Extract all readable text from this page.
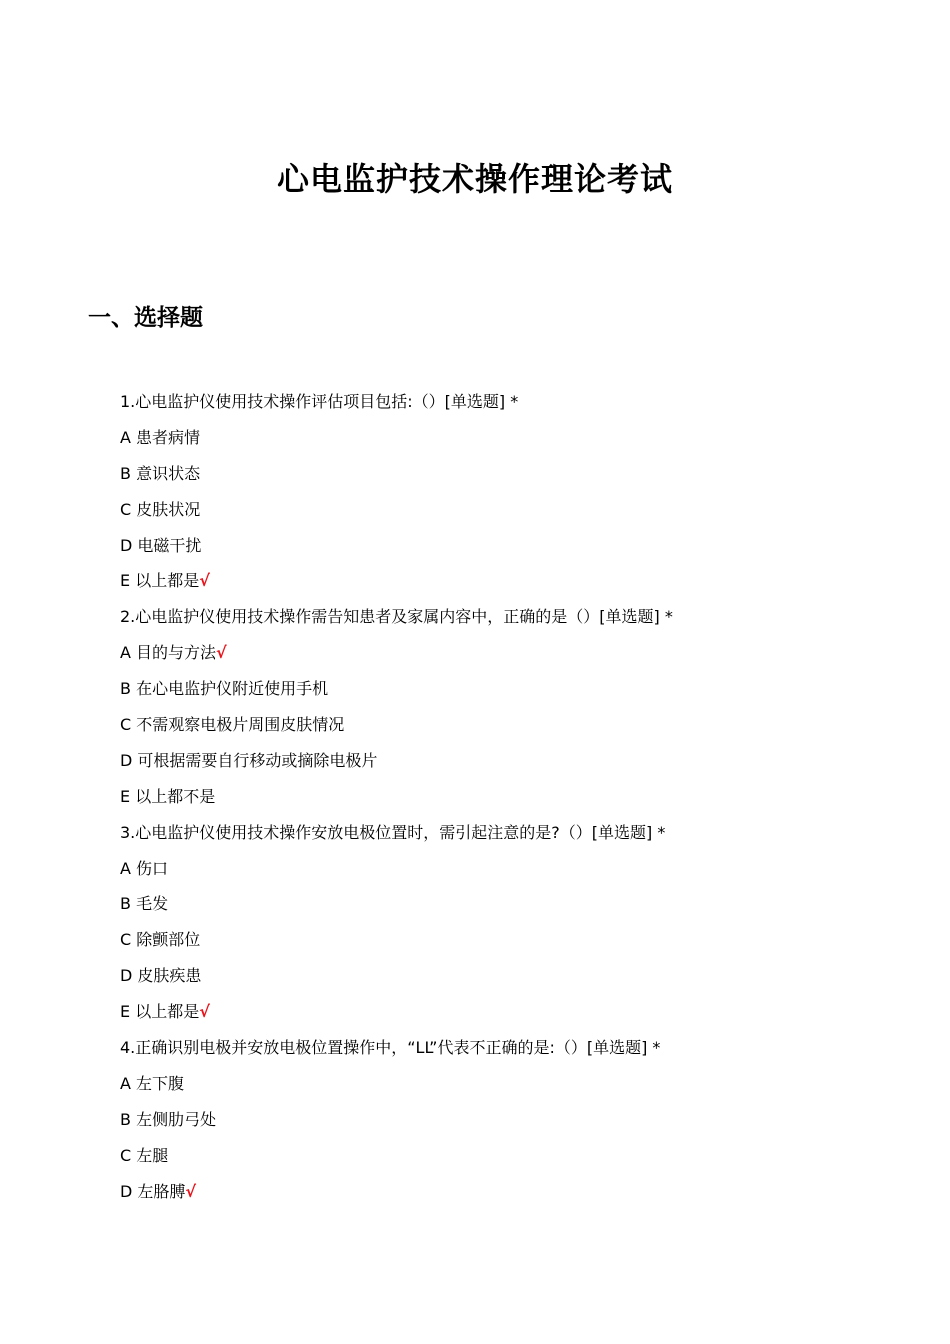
心电监护技术操作理论考试
一、选择题
1.心电监护仪使用技术操作评估项目包括:（）[单选题] *
A 患者病情
B 意识状态
C 皮肤状况
D 电磁干扰
E 以上都是√
2.心电监护仪使用技术操作需告知患者及家属内容中，正确的是（）[单选题] *
A 目的与方法√
B 在心电监护仪附近使用手机
C 不需观察电极片周围皮肤情况
D 可根据需要自行移动或摘除电极片
E 以上都不是
3.心电监护仪使用技术操作安放电极位置时，需引起注意的是?（）[单选题] *
A 伤口
B 毛发
C 除颤部位
D 皮肤疾患
E 以上都是√
4.正确识别电极并安放电极位置操作中，“LL”代表不正确的是:（）[单选题] *
A 左下腹
B 左侧肋弓处
C 左腿
D 左胳膊√
